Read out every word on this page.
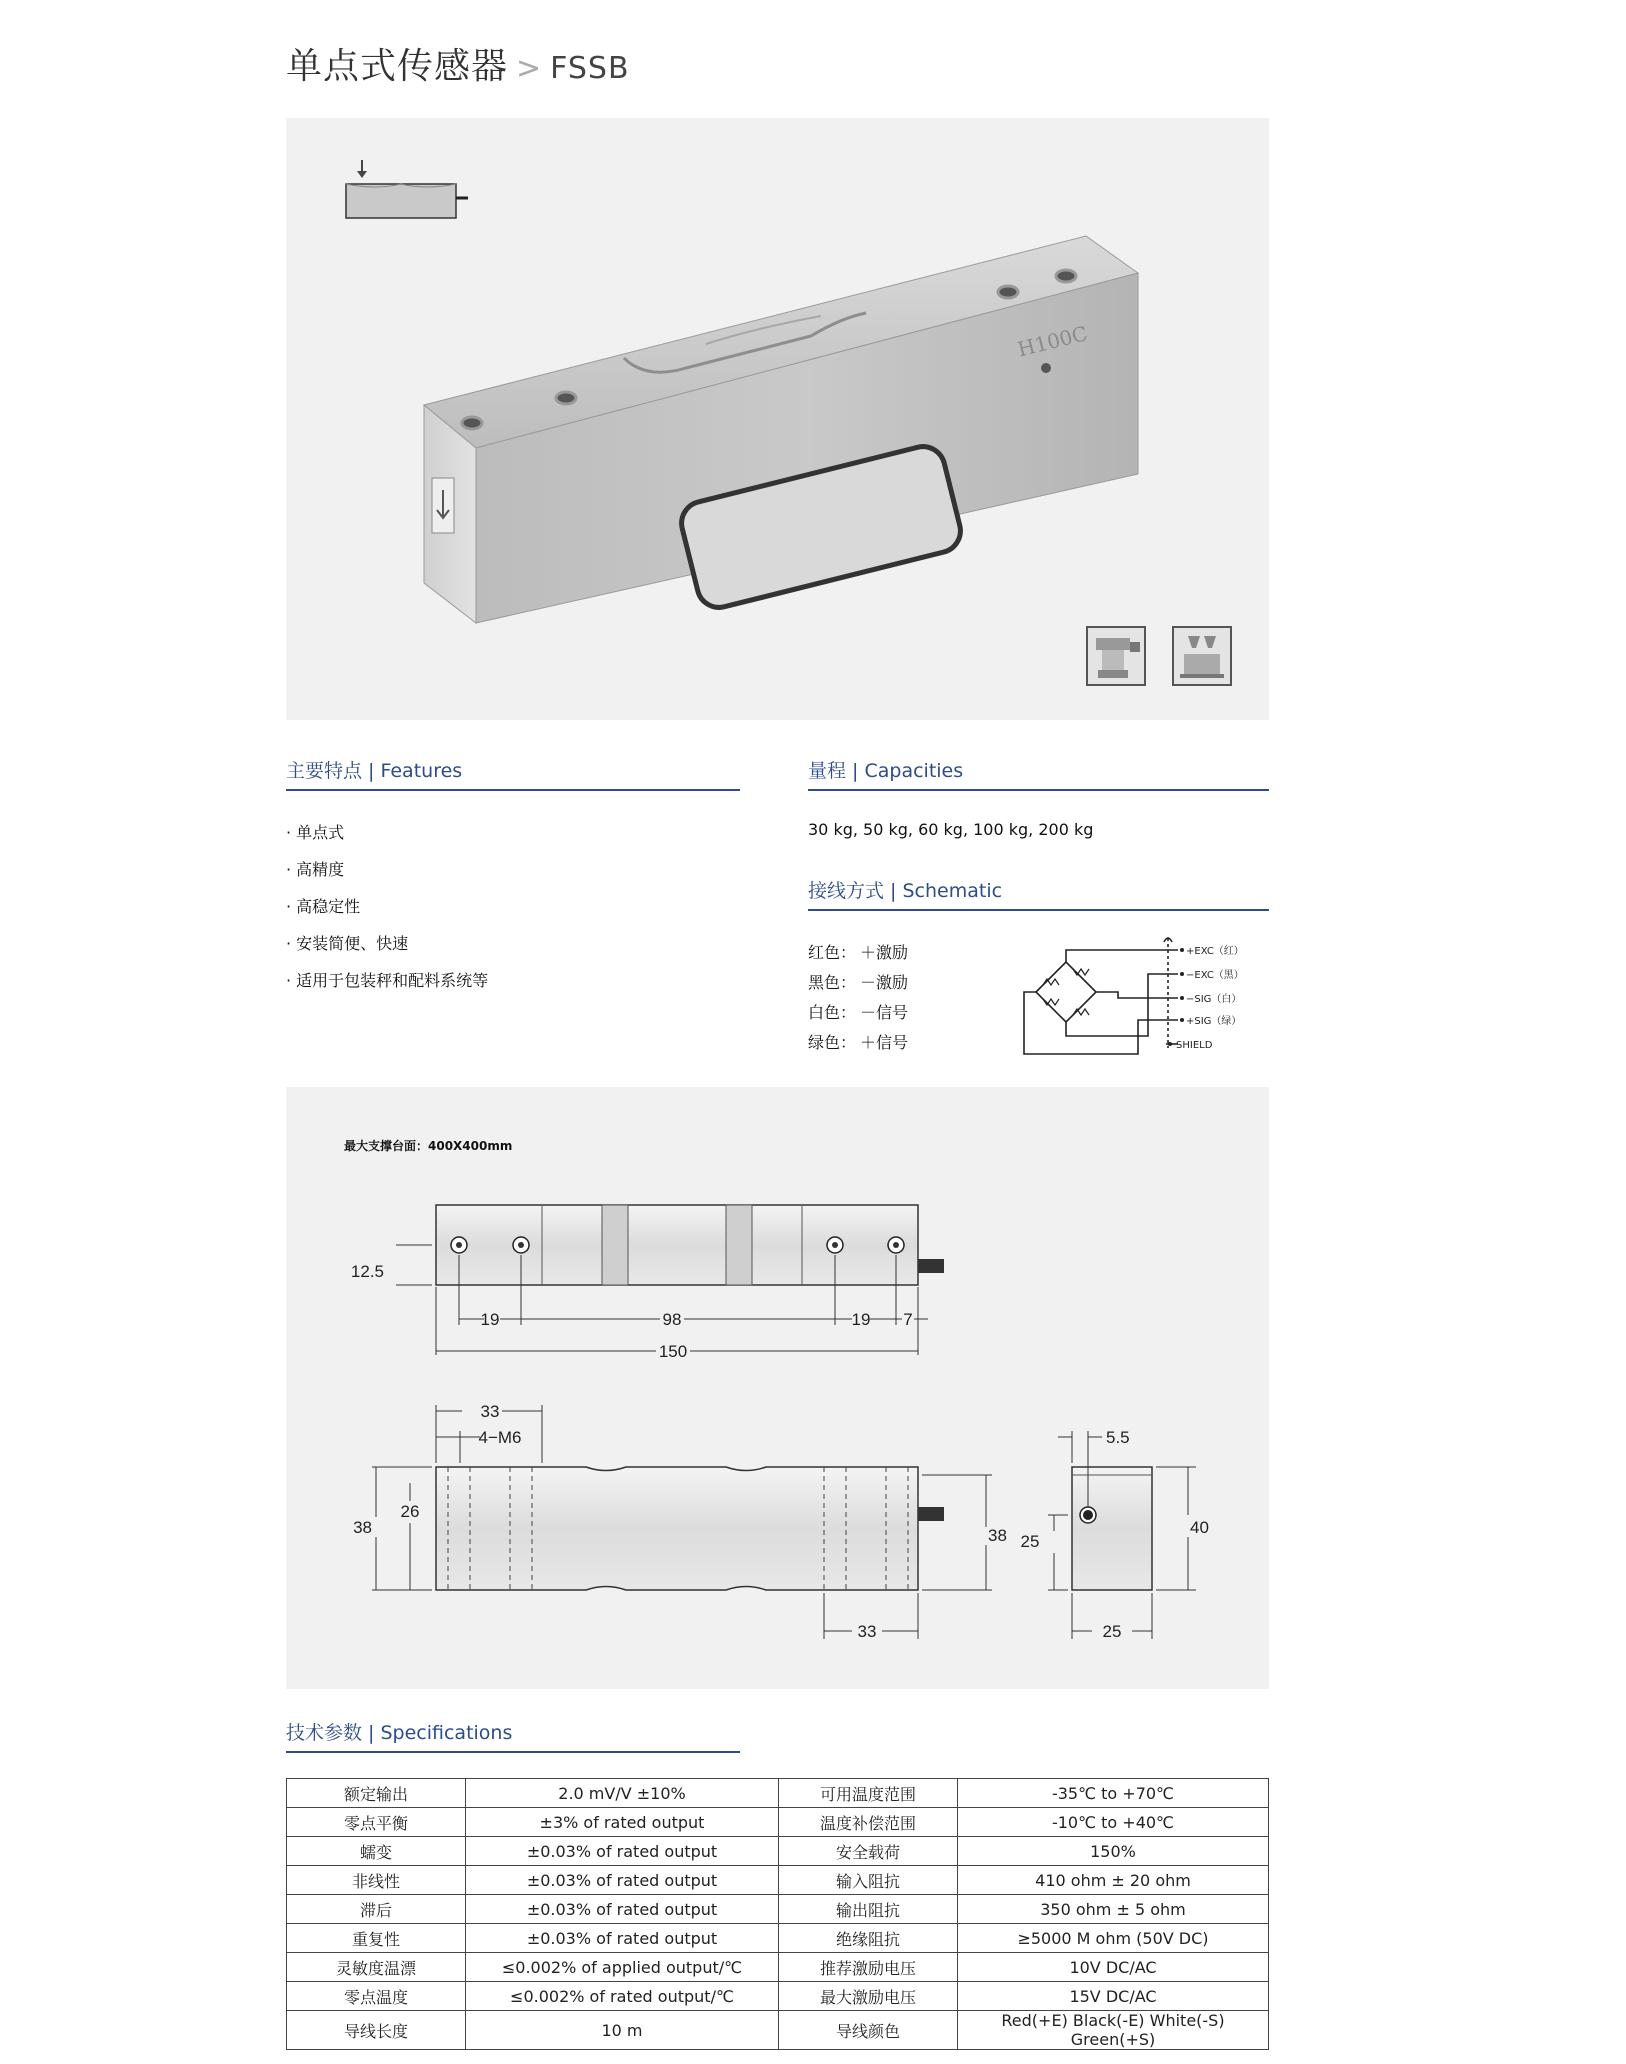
单点式传感器 > FSSB
H100C
主要特点 | Features
· 单点式
· 高精度
· 高稳定性
· 安装简便、快速
· 适用于包装秤和配料系统等
量程 | Capacities
30 kg, 50 kg, 60 kg, 100 kg, 200 kg
接线方式 | Schematic
红色： ＋激励
黑色： －激励
白色： －信号
绿色： ＋信号
+EXC（红）
−EXC（黑）
−SIG（白）
+SIG（绿）
SHIELD
最大支撑台面：400X400mm
12.5
19	98	19 7
150
33
4−M6
38
26
38
33
5.5
25
40
25
技术参数 | Specifications
额定输出	2.0 mV/V ±10%	可用温度范围	-35℃ to +70℃
零点平衡	±3% of rated output	温度补偿范围	-10℃ to +40℃
蠕变	±0.03% of rated output	安全载荷	150%
非线性	±0.03% of rated output	输入阻抗	410 ohm ± 20 ohm
滞后	±0.03% of rated output	输出阻抗	350 ohm ± 5 ohm
重复性	±0.03% of rated output	绝缘阻抗	≥5000 M ohm (50V DC)
灵敏度温漂	≤0.002% of applied output/℃	推荐激励电压	10V DC/AC
零点温度	≤0.002% of rated output/℃	最大激励电压	15V DC/AC
导线长度	10 m	导线颜色	Red(+E) Black(-E) White(-S) Green(+S)
